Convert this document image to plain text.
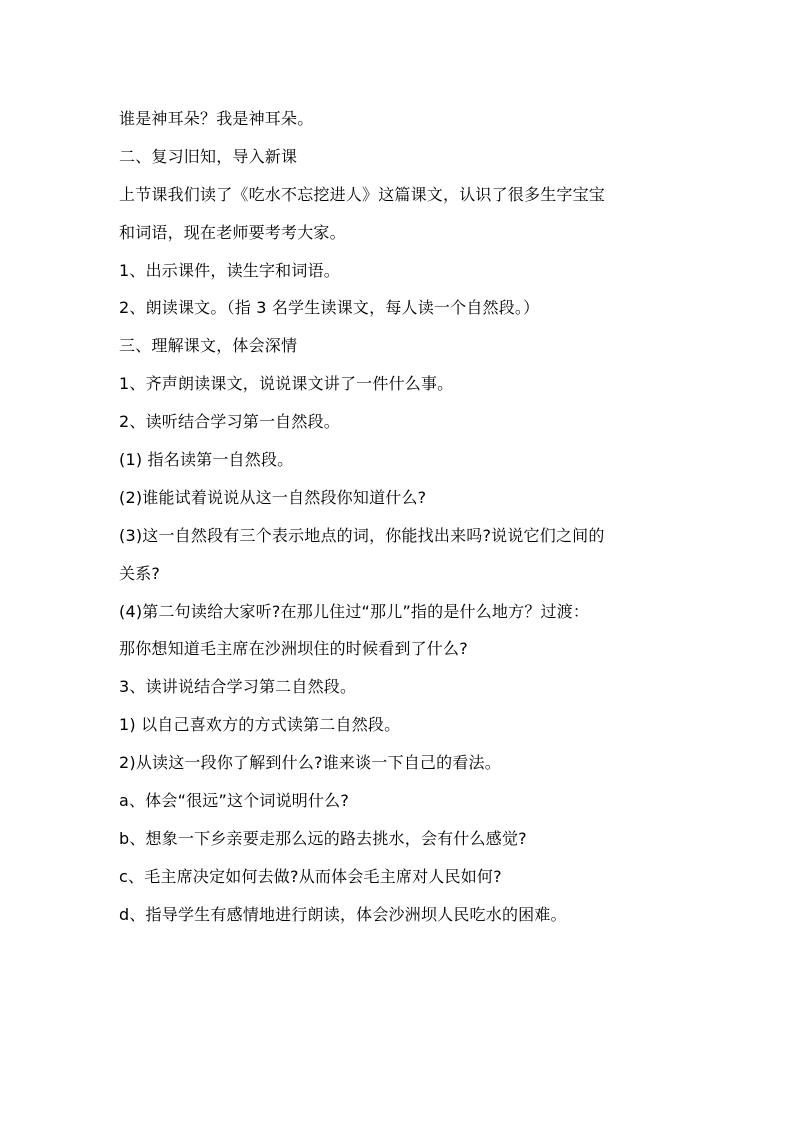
谁是神耳朵？我是神耳朵。
二、复习旧知，导入新课
上节课我们读了《吃水不忘挖进人》这篇课文，认识了很多生字宝宝
和词语，现在老师要考考大家。
1、出示课件，读生字和词语。
2、朗读课文。（指 3 名学生读课文，每人读一个自然段。）
三、理解课文，体会深情
1、齐声朗读课文，说说课文讲了一件什么事。
2、读听结合学习第一自然段。
(1) 指名读第一自然段。
(2)谁能试着说说从这一自然段你知道什么?
(3)这一自然段有三个表示地点的词，你能找出来吗?说说它们之间的
关系?
(4)第二句读给大家听?在那儿住过“那儿”指的是什么地方？过渡：
那你想知道毛主席在沙洲坝住的时候看到了什么?
3、读讲说结合学习第二自然段。
1) 以自己喜欢方的方式读第二自然段。
2)从读这一段你了解到什么?谁来谈一下自己的看法。
a、体会“很远”这个词说明什么?
b、想象一下乡亲要走那么远的路去挑水，会有什么感觉?
c、毛主席决定如何去做?从而体会毛主席对人民如何?
d、指导学生有感情地进行朗读，体会沙洲坝人民吃水的困难。
